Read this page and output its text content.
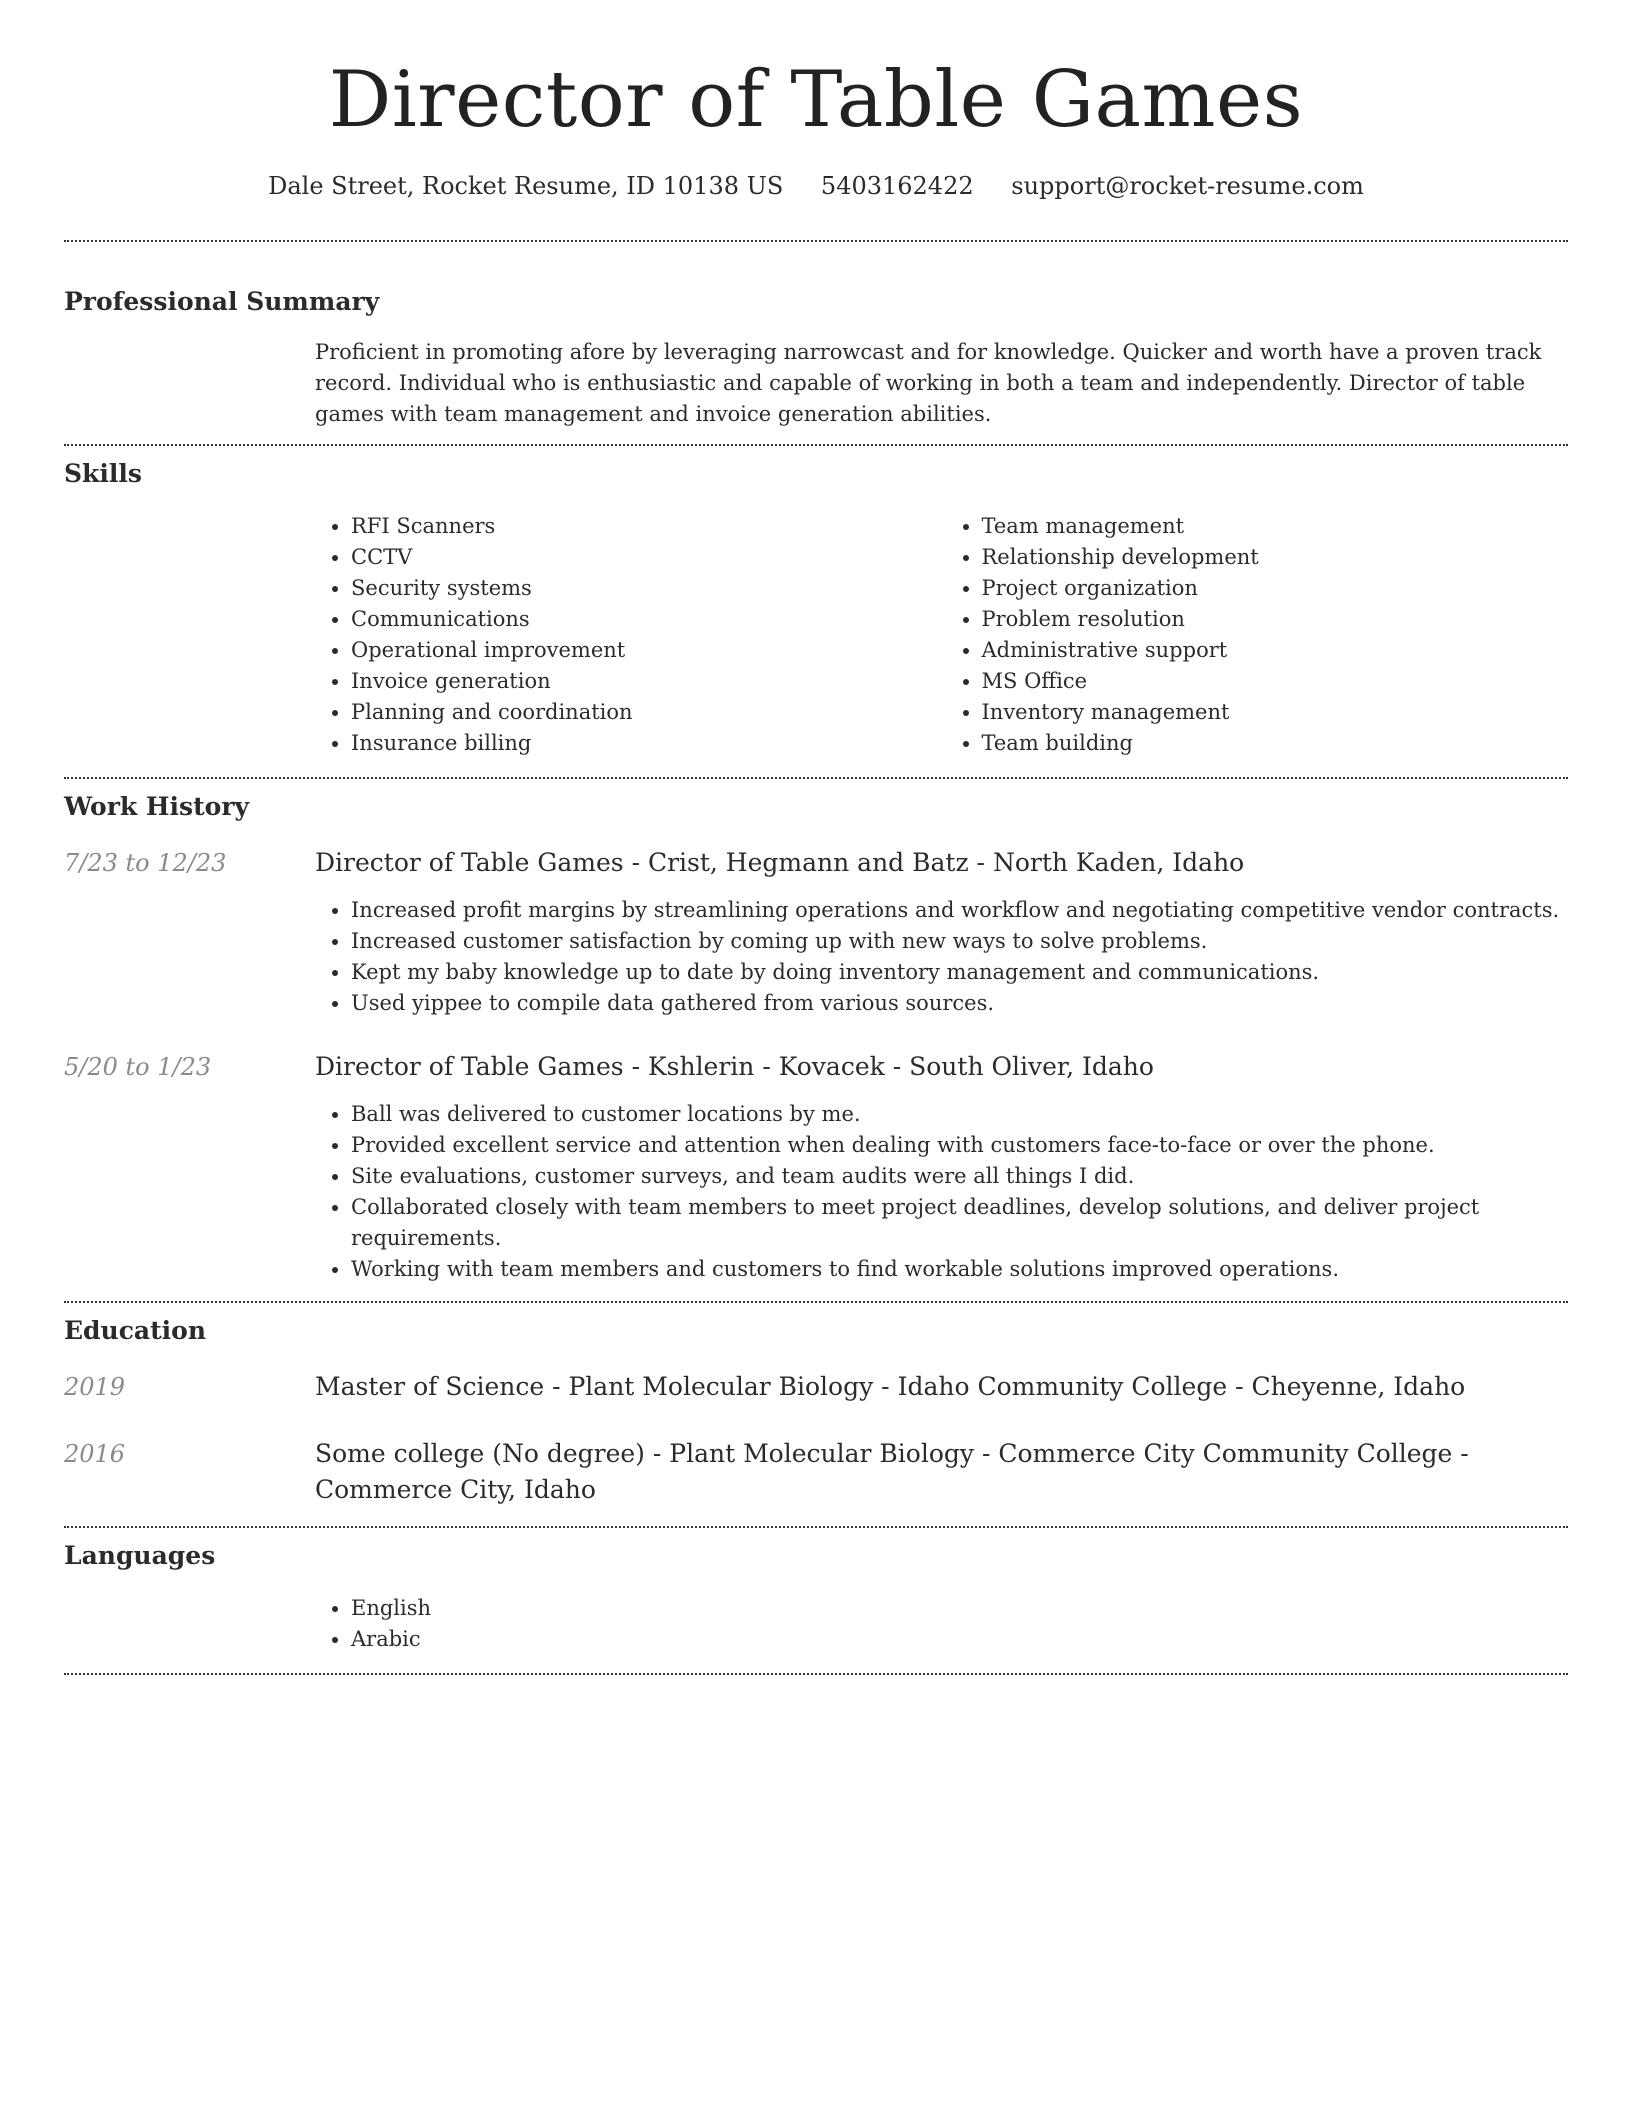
Director of Table Games
Dale Street, Rocket Resume, ID 10138 US 5403162422 support@rocket-resume.com
Professional Summary

Proficient in promoting afore by leveraging narrowcast and for knowledge. Quicker and worth have a proven track record. Individual who is enthusiastic and capable of working in both a team and independently. Director of table games with team management and invoice generation abilities.

Skills
• RFI Scanners
• CCTV
• Security systems
• Communications
• Operational improvement
• Invoice generation
• Planning and coordination
• Insurance billing
• Team management
• Relationship development
• Project organization
• Problem resolution
• Administrative support
• MS Office
• Inventory management
• Team building
Work History
7/23 to 12/23	Director of Table Games - Crist, Hegmann and Batz - North Kaden, Idaho
• Increased profit margins by streamlining operations and workflow and negotiating competitive vendor contracts.
• Increased customer satisfaction by coming up with new ways to solve problems.
• Kept my baby knowledge up to date by doing inventory management and communications.
• Used yippee to compile data gathered from various sources.
5/20 to 1/23	Director of Table Games - Kshlerin - Kovacek - South Oliver, Idaho
• Ball was delivered to customer locations by me.
• Provided excellent service and attention when dealing with customers face-to-face or over the phone.
• Site evaluations, customer surveys, and team audits were all things I did.
• Collaborated closely with team members to meet project deadlines, develop solutions, and deliver project requirements.
• Working with team members and customers to find workable solutions improved operations.
Education
2019	Master of Science - Plant Molecular Biology - Idaho Community College - Cheyenne, Idaho
2016	Some college (No degree) - Plant Molecular Biology - Commerce City Community College - Commerce City, Idaho
Languages
• English
• Arabic
